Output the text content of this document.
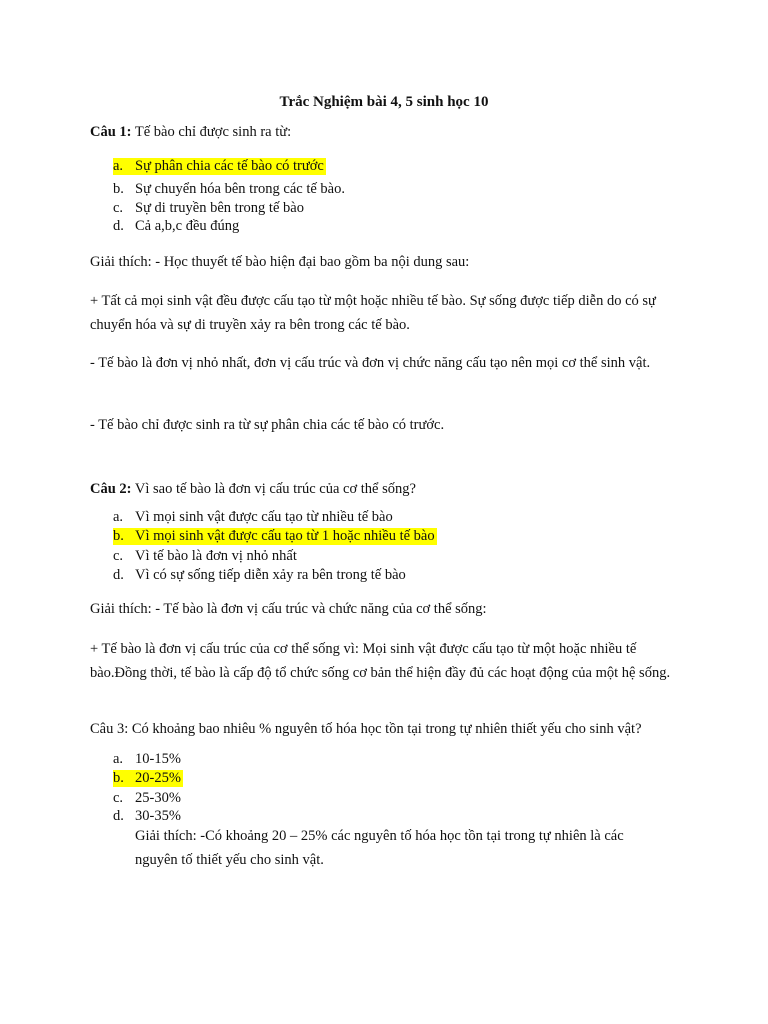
Trắc Nghiệm bài 4, 5 sinh học 10
Câu 1: Tế bào chỉ được sinh ra từ:
a. Sự phân chia các tế bào có trước
b. Sự chuyển hóa bên trong các tế bào.
c. Sự di truyền bên trong tế bào
d. Cả a,b,c đều đúng
Giải thích: - Học thuyết tế bào hiện đại bao gồm ba nội dung sau:
+ Tất cả mọi sinh vật đều được cấu tạo từ một hoặc nhiều tế bào. Sự sống được tiếp diễn do có sự chuyển hóa và sự di truyền xảy ra bên trong các tế bào.
- Tế bào là đơn vị nhỏ nhất, đơn vị cấu trúc và đơn vị chức năng cấu tạo nên mọi cơ thể sinh vật.
- Tế bào chỉ được sinh ra từ sự phân chia các tế bào có trước.
Câu 2: Vì sao tế bào là đơn vị cấu trúc của cơ thể sống?
a. Vì mọi sinh vật được cấu tạo từ nhiều tế bào
b. Vì mọi sinh vật được cấu tạo từ 1 hoặc nhiều tế bào
c. Vì tế bào là đơn vị nhỏ nhất
d. Vì có sự sống tiếp diễn xảy ra bên trong tế bào
Giải thích: - Tế bào là đơn vị cấu trúc và chức năng của cơ thể sống:
+ Tế bào là đơn vị cấu trúc của cơ thể sống vì: Mọi sinh vật được cấu tạo từ một hoặc nhiều tế bào.Đồng thời, tế bào là cấp độ tổ chức sống cơ bản thể hiện đầy đủ các hoạt động của một hệ sống.
Câu 3: Có khoảng bao nhiêu % nguyên tố hóa học tồn tại trong tự nhiên thiết yếu cho sinh vật?
a. 10-15%
b. 20-25%
c. 25-30%
d. 30-35%
Giải thích: -Có khoảng 20 – 25% các nguyên tố hóa học tồn tại trong tự nhiên là các nguyên tố thiết yếu cho sinh vật.
